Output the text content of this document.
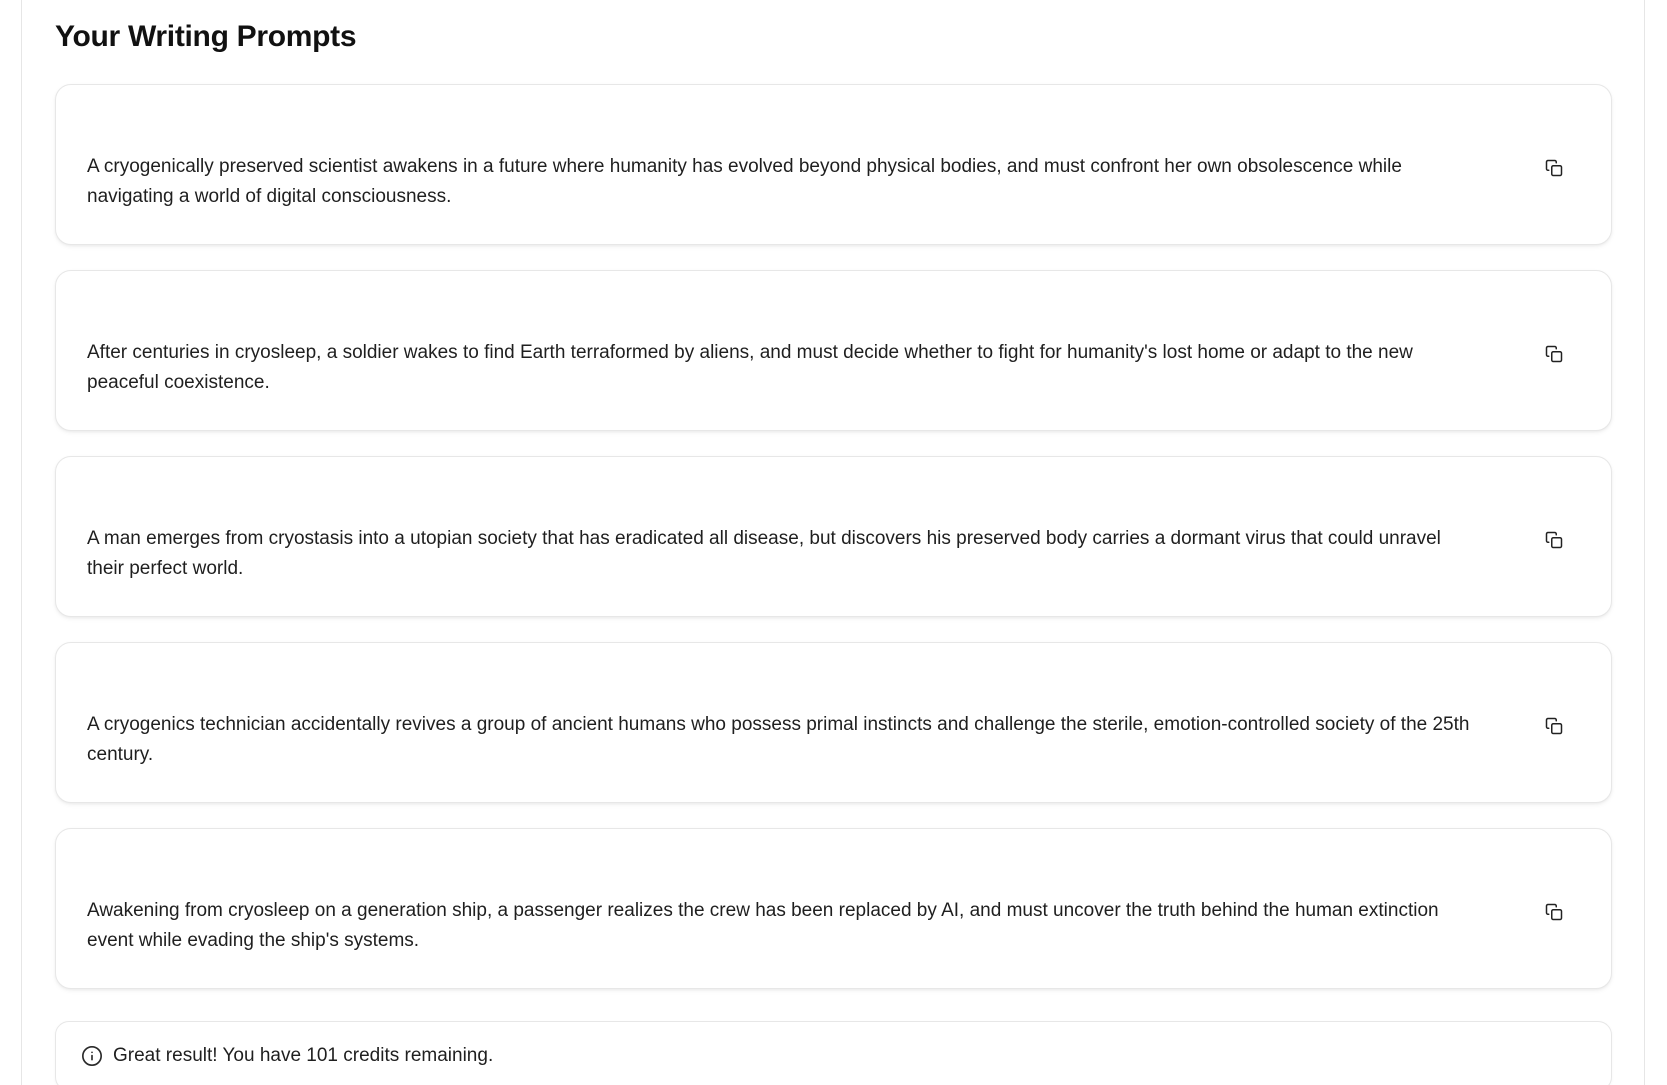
Your Writing Prompts

A cryogenically preserved scientist awakens in a future where humanity has evolved beyond physical bodies, and must confront her own obsolescence while navigating a world of digital consciousness.

After centuries in cryosleep, a soldier wakes to find Earth terraformed by aliens, and must decide whether to fight for humanity's lost home or adapt to the new peaceful coexistence.

A man emerges from cryostasis into a utopian society that has eradicated all disease, but discovers his preserved body carries a dormant virus that could unravel their perfect world.

A cryogenics technician accidentally revives a group of ancient humans who possess primal instincts and challenge the sterile, emotion-controlled society of the 25th century.

Awakening from cryosleep on a generation ship, a passenger realizes the crew has been replaced by AI, and must uncover the truth behind the human extinction event while evading the ship's systems.

Great result! You have 101 credits remaining.
